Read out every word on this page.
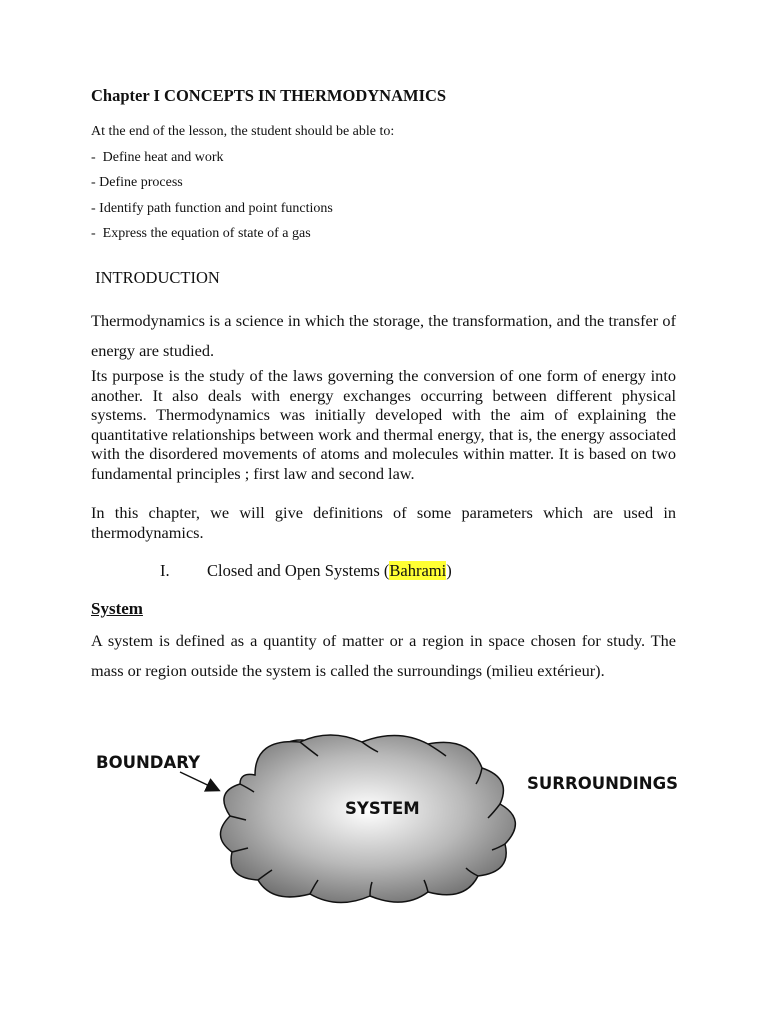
Chapter I CONCEPTS IN THERMODYNAMICS
At the end of the lesson, the student should be able to:
-  Define heat and work
- Define process
- Identify path function and point functions
-  Express the equation of state of a gas
INTRODUCTION
Thermodynamics is a science in which the storage, the transformation, and the transfer of energy are studied.
Its purpose is the study of the laws governing the conversion of one form of energy into another. It also deals with energy exchanges occurring between different physical systems. Thermodynamics was initially developed with the aim of explaining the quantitative relationships between work and thermal energy, that is, the energy associated with the disordered movements of atoms and molecules within matter. It is based on two fundamental principles ; first law and second law.
In this chapter, we will give definitions of some parameters which are used in thermodynamics.
I. Closed and Open Systems (Bahrami)
System
A system is defined as a quantity of matter or a region in space chosen for study. The mass or region outside the system is called the surroundings (milieu extérieur).
BOUNDARY
SYSTEM
SURROUNDINGS
